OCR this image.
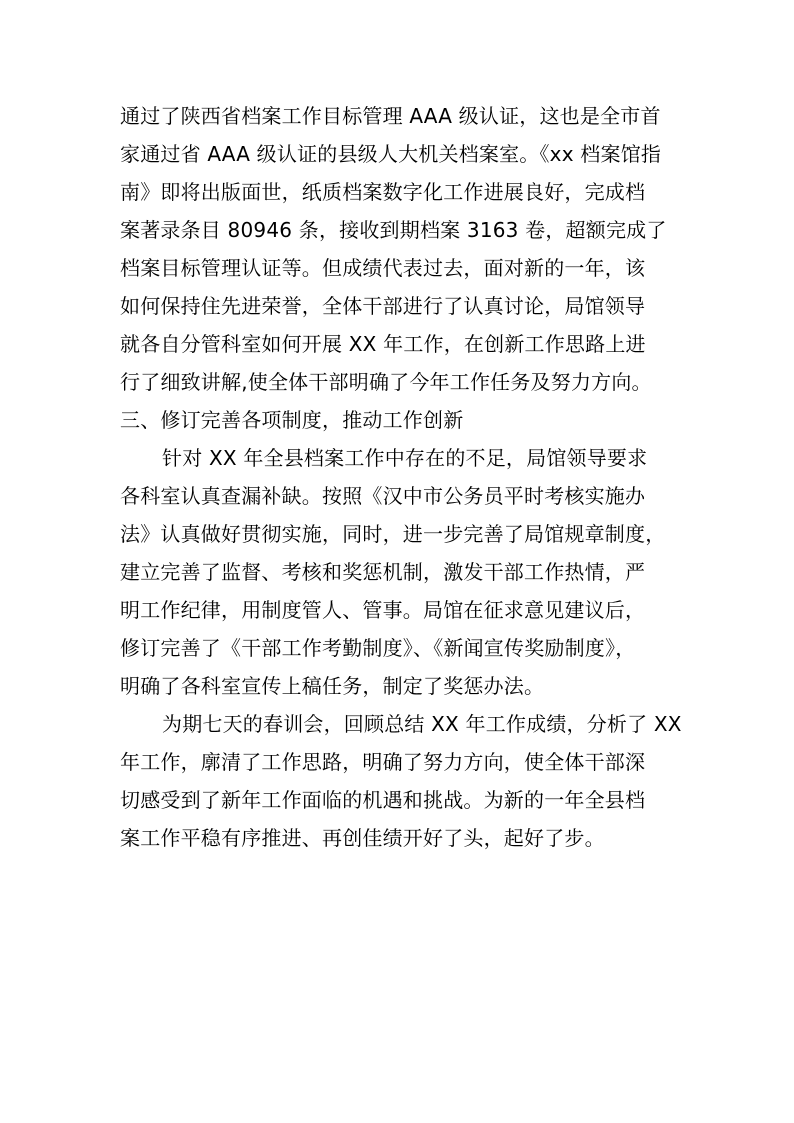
通过了陕西省档案工作目标管理 AAA 级认证，这也是全市首
家通过省 AAA 级认证的县级人大机关档案室。《xx 档案馆指
南》即将出版面世，纸质档案数字化工作进展良好，完成档
案著录条目 80946 条，接收到期档案 3163 卷，超额完成了
档案目标管理认证等。但成绩代表过去，面对新的一年，该
如何保持住先进荣誉，全体干部进行了认真讨论，局馆领导
就各自分管科室如何开展 XX 年工作，在创新工作思路上进
行了细致讲解,使全体干部明确了今年工作任务及努力方向。
三、修订完善各项制度，推动工作创新
针对 XX 年全县档案工作中存在的不足，局馆领导要求
各科室认真查漏补缺。按照《汉中市公务员平时考核实施办
法》认真做好贯彻实施，同时，进一步完善了局馆规章制度，
建立完善了监督、考核和奖惩机制，激发干部工作热情，严
明工作纪律，用制度管人、管事。局馆在征求意见建议后，
修订完善了《干部工作考勤制度》、《新闻宣传奖励制度》，
明确了各科室宣传上稿任务，制定了奖惩办法。
为期七天的春训会，回顾总结 XX 年工作成绩，分析了 XX
年工作，廓清了工作思路，明确了努力方向，使全体干部深
切感受到了新年工作面临的机遇和挑战。为新的一年全县档
案工作平稳有序推进、再创佳绩开好了头，起好了步。
